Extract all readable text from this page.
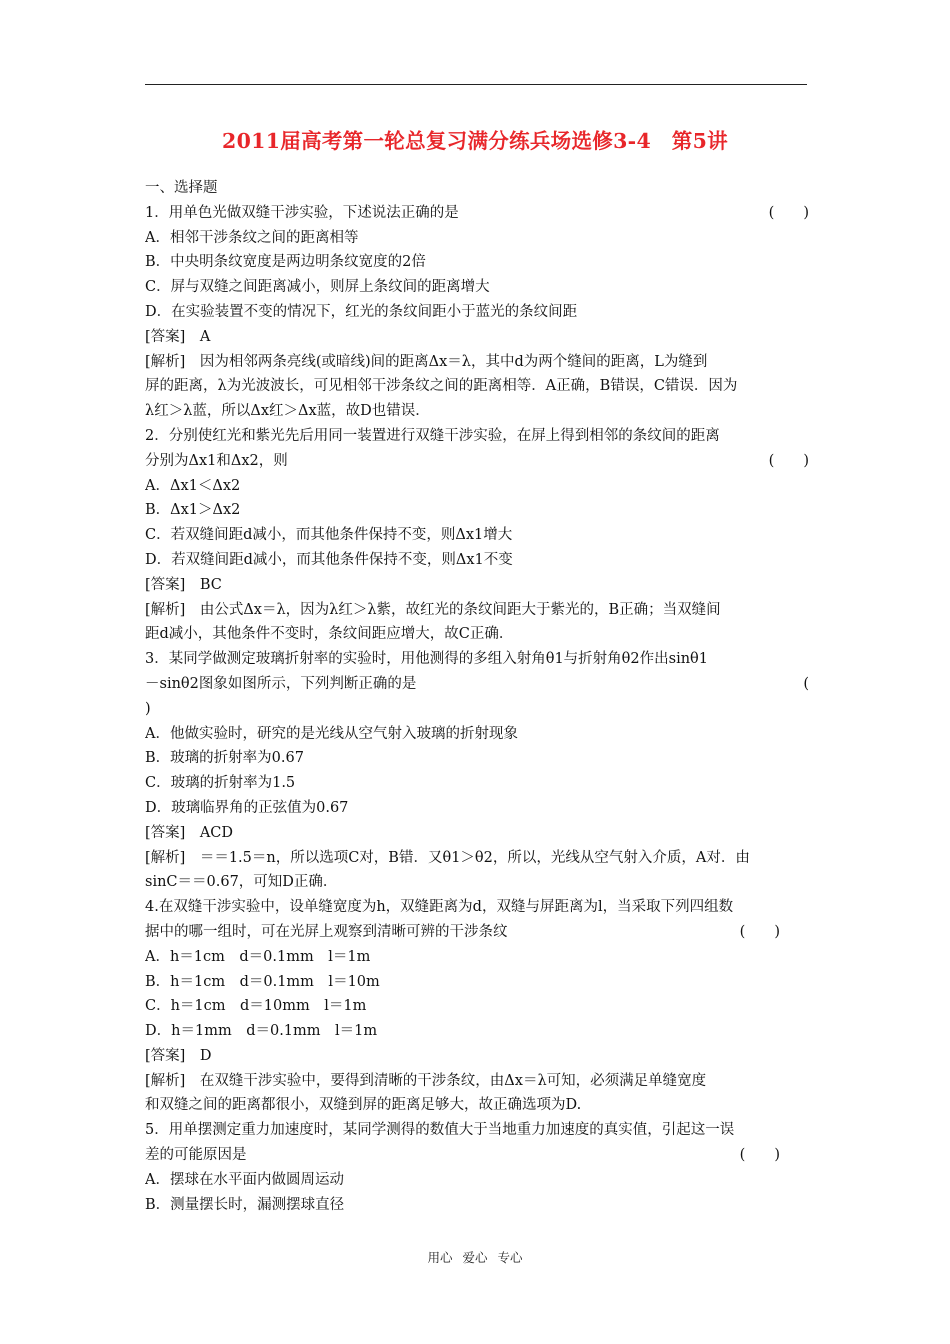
2011届高考第一轮总复习满分练兵场选修3-4　第5讲
一、选择题
1．用单色光做双缝干涉实验，下述说法正确的是	(　　)
A．相邻干涉条纹之间的距离相等
B．中央明条纹宽度是两边明条纹宽度的2倍
C．屏与双缝之间距离减小，则屏上条纹间的距离增大
D．在实验装置不变的情况下，红光的条纹间距小于蓝光的条纹间距
[答案]　A
[解析]　因为相邻两条亮线(或暗线)间的距离Δx＝λ，其中d为两个缝间的距离，L为缝到
屏的距离，λ为光波波长，可见相邻干涉条纹之间的距离相等．A正确，B错误，C错误．因为
λ红＞λ蓝，所以Δx红＞Δx蓝，故D也错误．
2．分别使红光和紫光先后用同一装置进行双缝干涉实验，在屏上得到相邻的条纹间的距离
分别为Δx1和Δx2，则	(　　)
A．Δx1＜Δx2
B．Δx1＞Δx2
C．若双缝间距d减小，而其他条件保持不变，则Δx1增大
D．若双缝间距d减小，而其他条件保持不变，则Δx1不变
[答案]　BC
[解析]　由公式Δx＝λ，因为λ红＞λ紫，故红光的条纹间距大于紫光的，B正确；当双缝间
距d减小，其他条件不变时，条纹间距应增大，故C正确．
3．某同学做测定玻璃折射率的实验时，用他测得的多组入射角θ1与折射角θ2作出sinθ1
－sinθ2图象如图所示，下列判断正确的是	(
)
A．他做实验时，研究的是光线从空气射入玻璃的折射现象
B．玻璃的折射率为0.67
C．玻璃的折射率为1.5
D．玻璃临界角的正弦值为0.67
[答案]　ACD
[解析]　＝＝1.5＝n，所以选项C对，B错．又θ1＞θ2，所以，光线从空气射入介质，A对．由
sinC＝＝0.67，可知D正确．
4.在双缝干涉实验中，设单缝宽度为h，双缝距离为d，双缝与屏距离为l，当采取下列四组数
据中的哪一组时，可在光屏上观察到清晰可辨的干涉条纹	(　　)　　
A．h＝1cm　d＝0.1mm　l＝1m
B．h＝1cm　d＝0.1mm　l＝10m
C．h＝1cm　d＝10mm　l＝1m
D．h＝1mm　d＝0.1mm　l＝1m
[答案]　D
[解析]　在双缝干涉实验中，要得到清晰的干涉条纹，由Δx＝λ可知，必须满足单缝宽度
和双缝之间的距离都很小，双缝到屏的距离足够大，故正确选项为D.
5．用单摆测定重力加速度时，某同学测得的数值大于当地重力加速度的真实值，引起这一误
差的可能原因是	(　　)　　
A．摆球在水平面内做圆周运动
B．测量摆长时，漏测摆球直径
用心 爱心 专心
